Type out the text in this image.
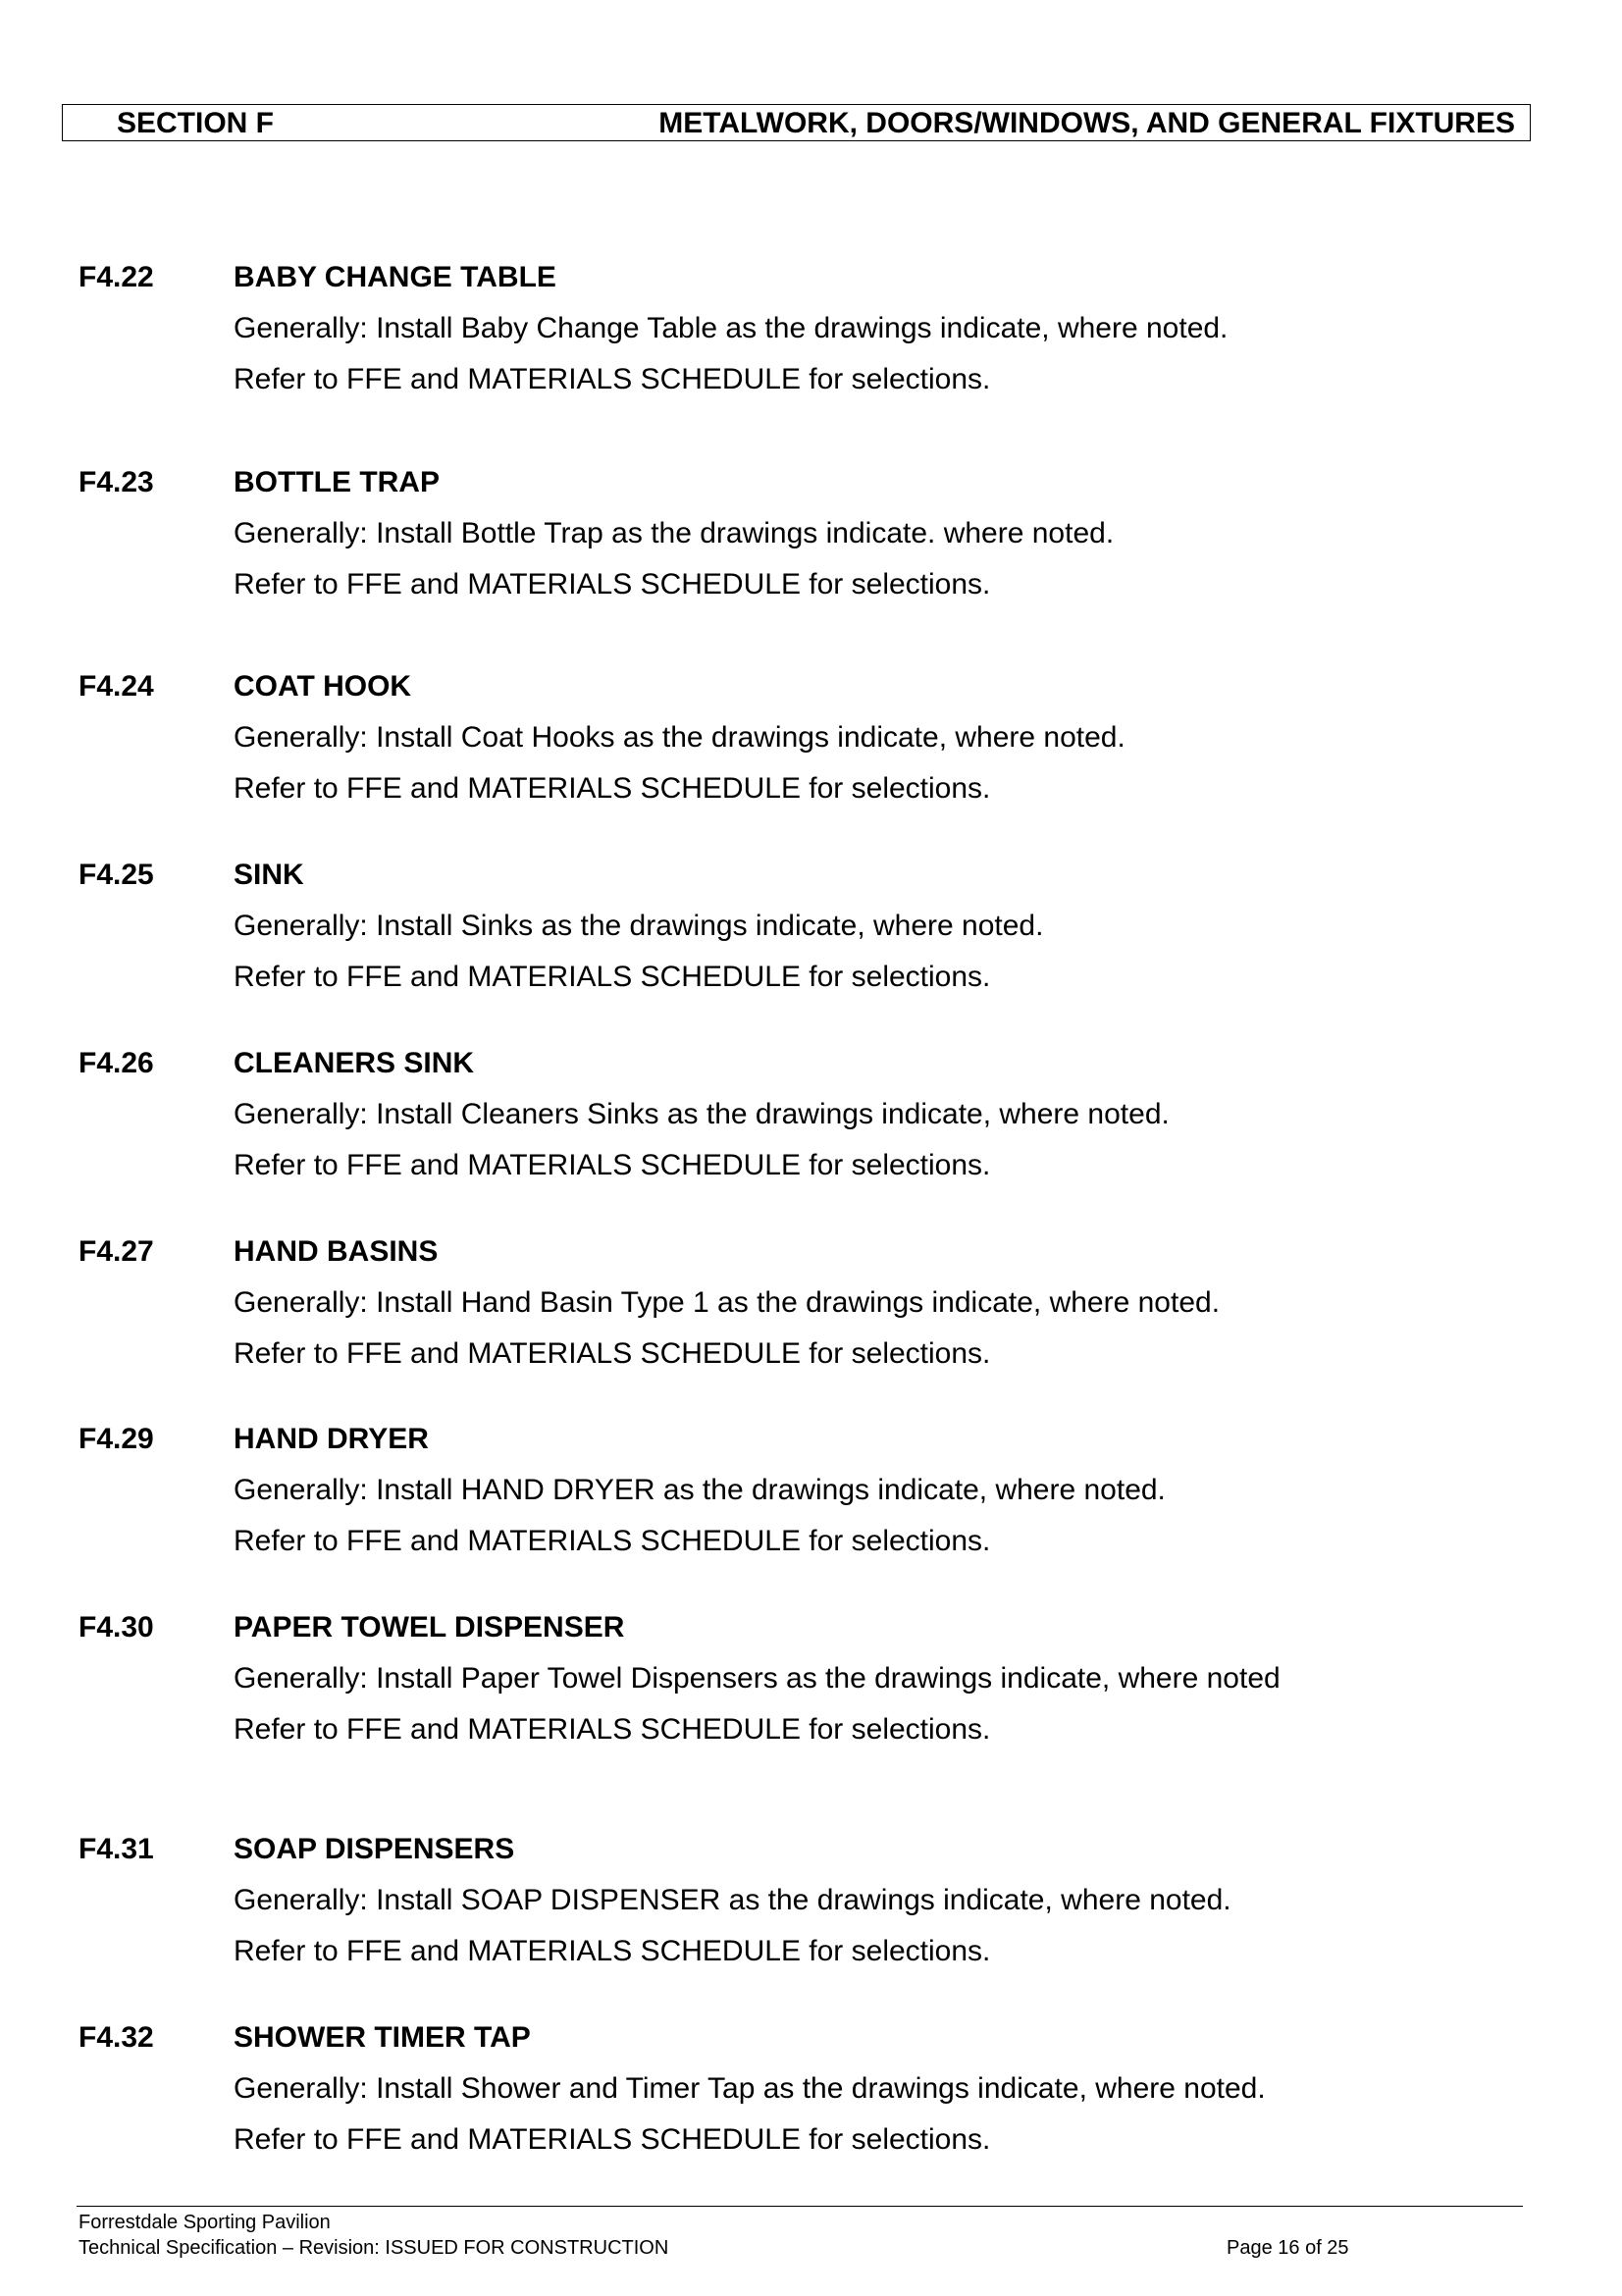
SECTION F	METALWORK, DOORS/WINDOWS, AND GENERAL FIXTURES
F4.22	BABY CHANGE TABLE
Generally: Install Baby Change Table as the drawings indicate, where noted.
Refer to FFE and MATERIALS SCHEDULE for selections.
F4.23	BOTTLE TRAP
Generally: Install Bottle Trap as the drawings indicate. where noted.
Refer to FFE and MATERIALS SCHEDULE for selections.
F4.24	COAT HOOK
Generally: Install Coat Hooks as the drawings indicate, where noted.
Refer to FFE and MATERIALS SCHEDULE for selections.
F4.25	SINK
Generally: Install Sinks as the drawings indicate, where noted.
Refer to FFE and MATERIALS SCHEDULE for selections.
F4.26	CLEANERS SINK
Generally: Install Cleaners Sinks as the drawings indicate, where noted.
Refer to FFE and MATERIALS SCHEDULE for selections.
F4.27	HAND BASINS
Generally: Install Hand Basin Type 1 as the drawings indicate, where noted.
Refer to FFE and MATERIALS SCHEDULE for selections.
F4.29	HAND DRYER
Generally: Install HAND DRYER as the drawings indicate, where noted.
Refer to FFE and MATERIALS SCHEDULE for selections.
F4.30	PAPER TOWEL DISPENSER
Generally: Install Paper Towel Dispensers as the drawings indicate, where noted
Refer to FFE and MATERIALS SCHEDULE for selections.
F4.31	SOAP DISPENSERS
Generally: Install SOAP DISPENSER as the drawings indicate, where noted.
Refer to FFE and MATERIALS SCHEDULE for selections.
F4.32	SHOWER TIMER TAP
Generally: Install Shower and Timer Tap as the drawings indicate, where noted.
Refer to FFE and MATERIALS SCHEDULE for selections.
Forrestdale Sporting Pavilion
Technical Specification – Revision: ISSUED FOR CONSTRUCTION	Page 16 of 25
